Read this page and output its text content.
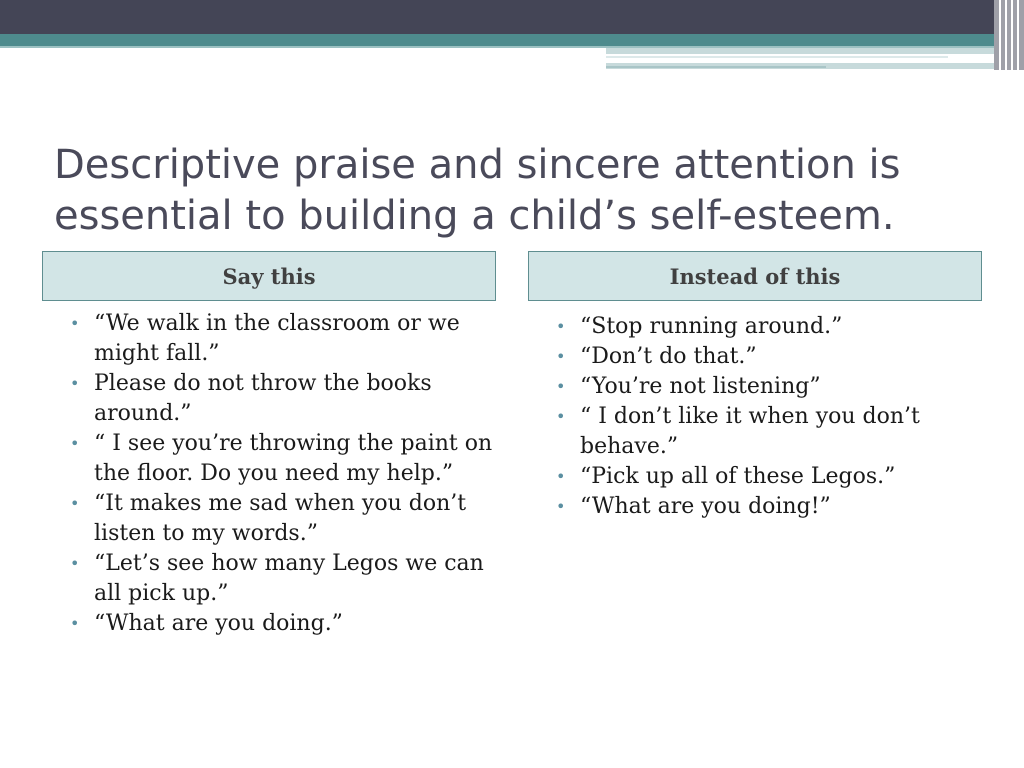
Descriptive praise and sincere attention is essential to building a child’s self-esteem.
Say this	Instead of this
• “We walk in the classroom or we might fall.”
• Please do not throw the books around.”
• “ I see you’re throwing the paint on the floor. Do you need my help.”
• “It makes me sad when you don’t listen to my words.”
• “Let’s see how many Legos we can all pick up.”
• “What are you doing.”
• “Stop running around.”
• “Don’t do that.”
• “You’re not listening”
• “ I don’t like it when you don’t behave.”
• “Pick up all of these Legos.”
• “What are you doing!”
